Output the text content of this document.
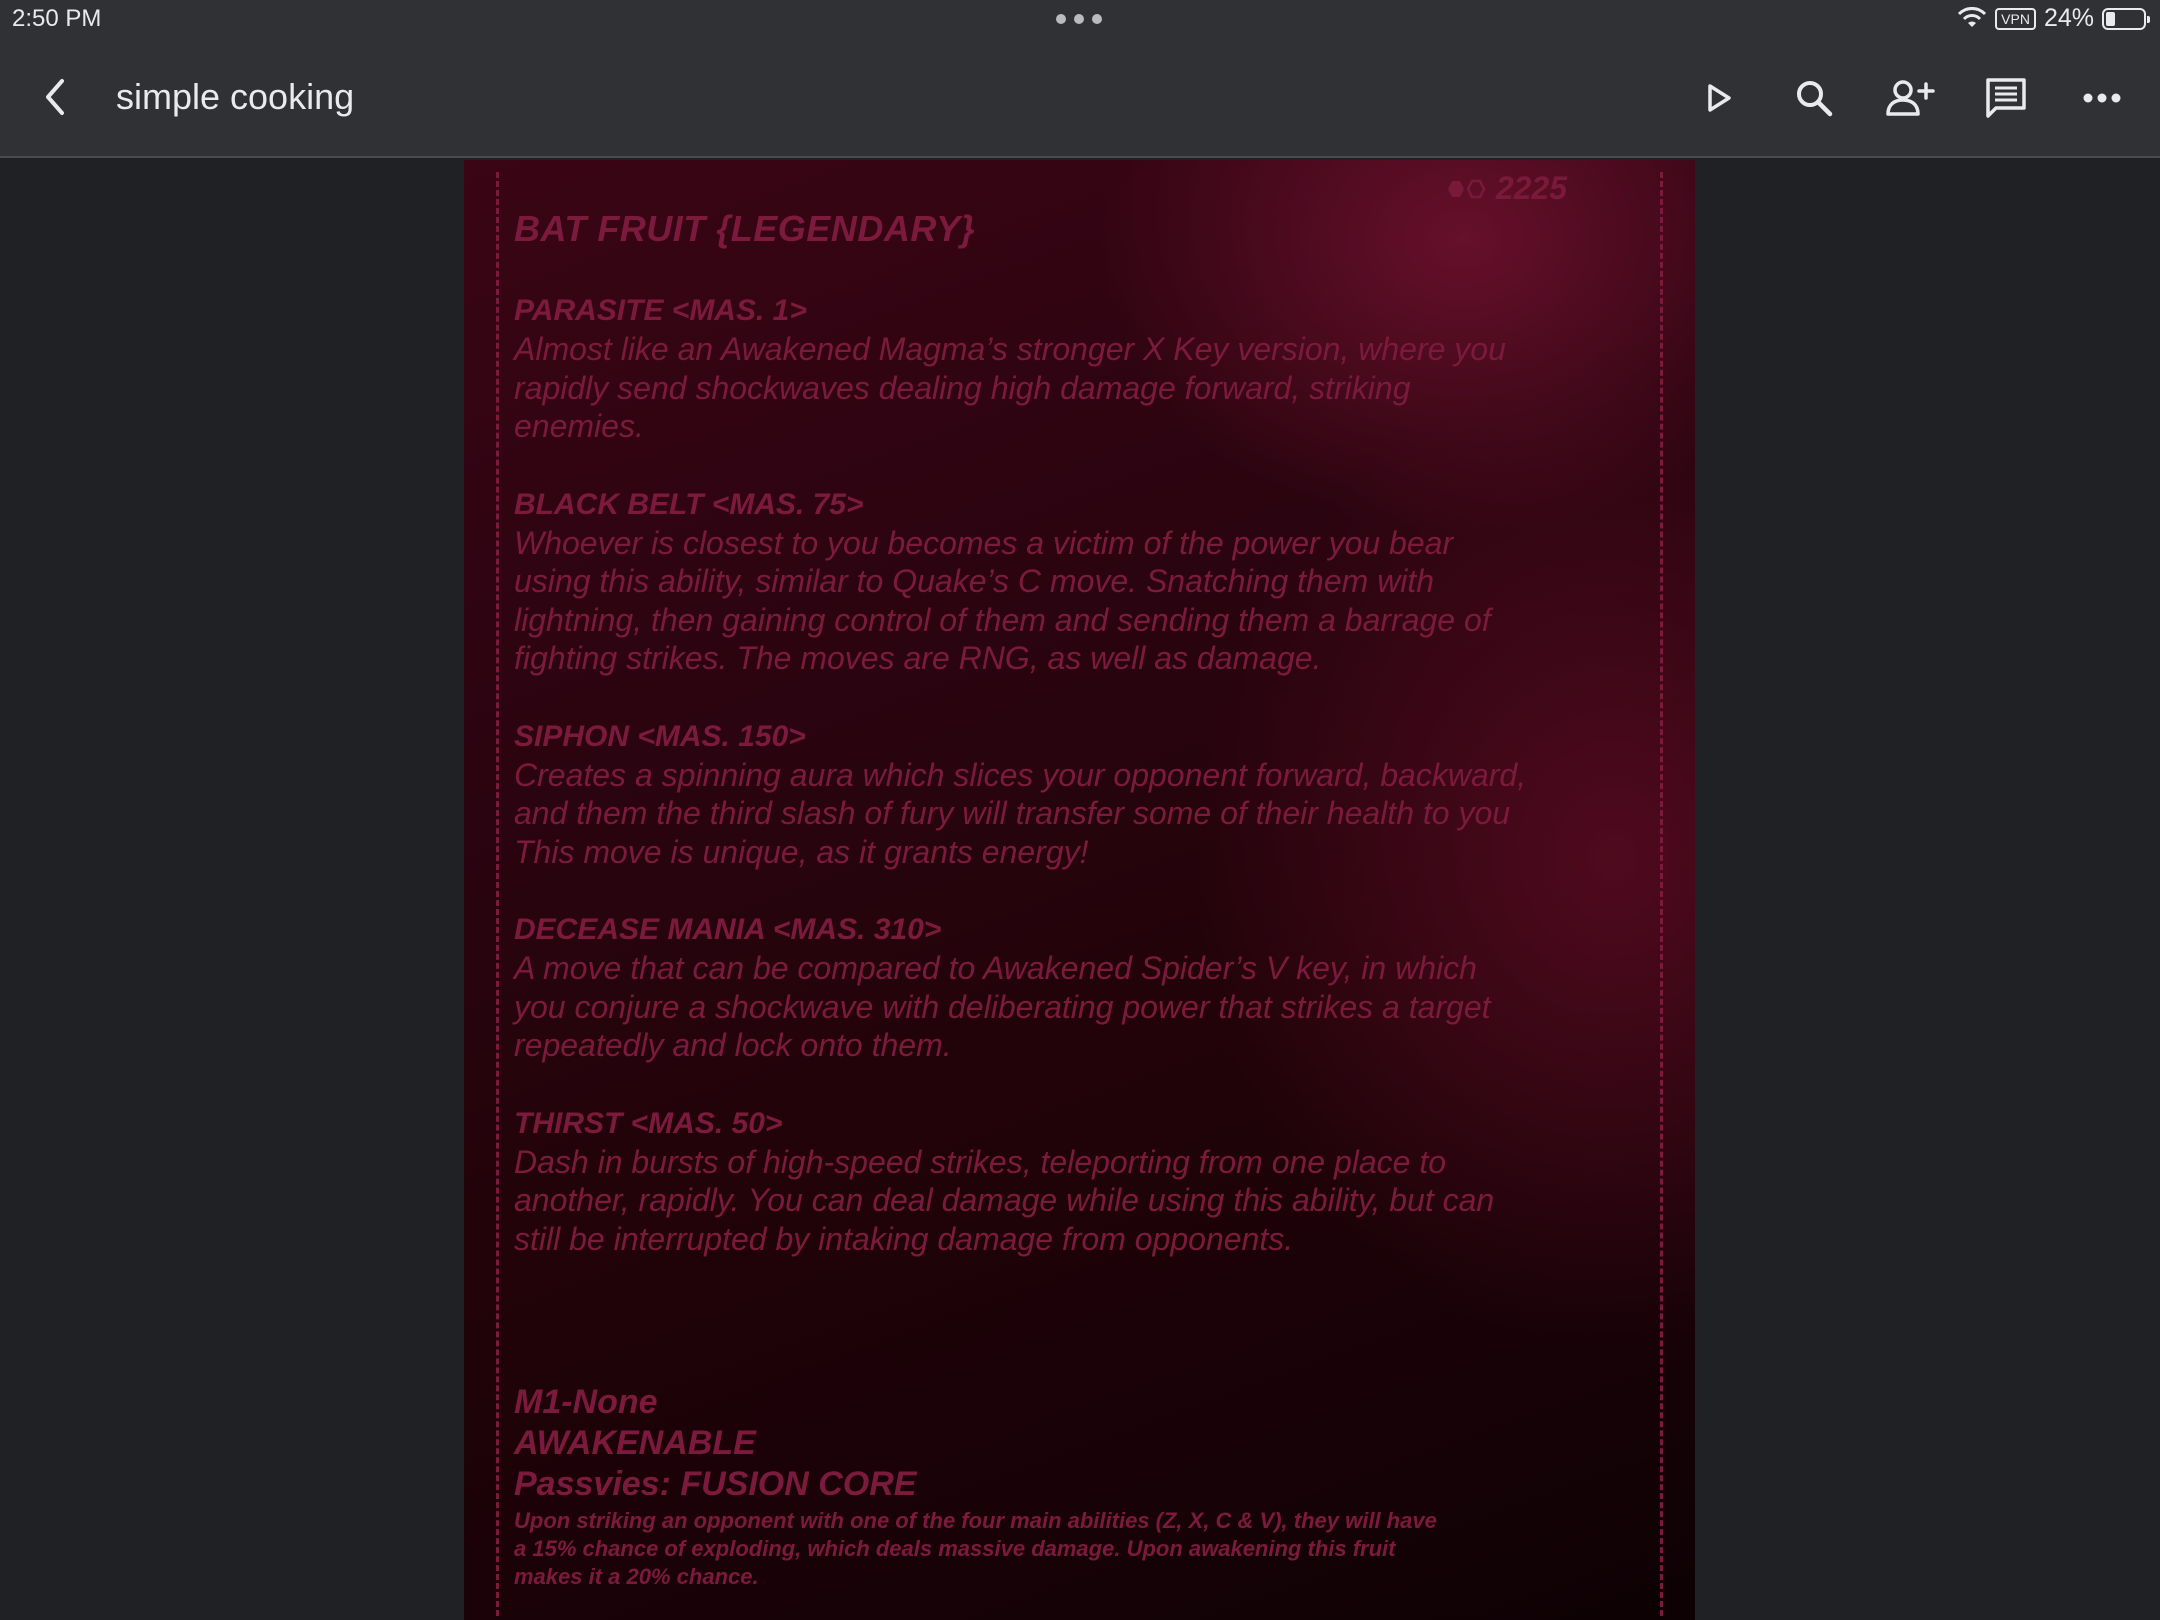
2:50 PM	VPN 24%
simple cooking
2225
BAT FRUIT {LEGENDARY}
PARASITE <MAS. 1>
Almost like an Awakened Magma’s stronger X Key version, where you
rapidly send shockwaves dealing high damage forward, striking
enemies.
BLACK BELT <MAS. 75>
Whoever is closest to you becomes a victim of the power you bear
using this ability, similar to Quake’s C move. Snatching them with
lightning, then gaining control of them and sending them a barrage of
fighting strikes. The moves are RNG, as well as damage.
SIPHON <MAS. 150>
Creates a spinning aura which slices your opponent forward, backward,
and them the third slash of fury will transfer some of their health to you
This move is unique, as it grants energy!
DECEASE MANIA <MAS. 310>
A move that can be compared to Awakened Spider’s V key, in which
you conjure a shockwave with deliberating power that strikes a target
repeatedly and lock onto them.
THIRST <MAS. 50>
Dash in bursts of high-speed strikes, teleporting from one place to
another, rapidly. You can deal damage while using this ability, but can
still be interrupted by intaking damage from opponents.
M1-None
AWAKENABLE
Passvies: FUSION CORE
Upon striking an opponent with one of the four main abilities (Z, X, C & V), they will have
a 15% chance of exploding, which deals massive damage. Upon awakening this fruit
makes it a 20% chance.
